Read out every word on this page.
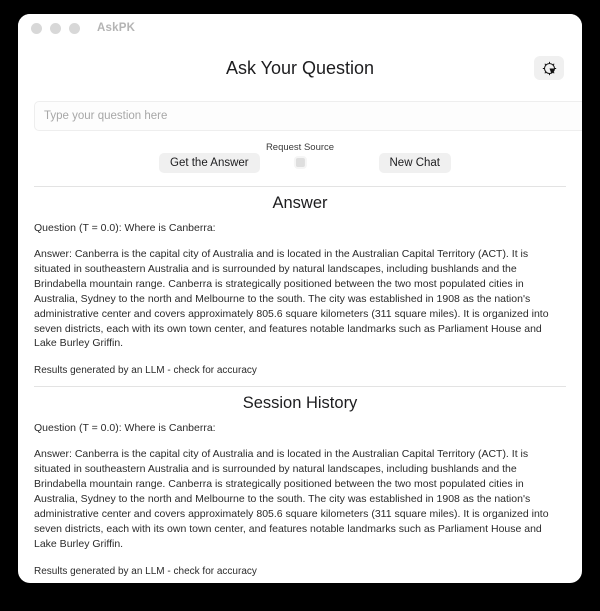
AskPK
Ask Your Question
Type your question here
Get the Answer
Request Source
New Chat
Answer

Question (T = 0.0): Where is Canberra:

Answer: Canberra is the capital city of Australia and is located in the Australian Capital Territory (ACT). It is situated in southeastern Australia and is surrounded by natural landscapes, including bushlands and the Brindabella mountain range. Canberra is strategically positioned between the two most populated cities in Australia, Sydney to the north and Melbourne to the south. The city was established in 1908 as the nation's administrative center and covers approximately 805.6 square kilometers (311 square miles). It is organized into seven districts, each with its own town center, and features notable landmarks such as Parliament House and Lake Burley Griffin.

Results generated by an LLM - check for accuracy

Session History

Question (T = 0.0): Where is Canberra:

Answer: Canberra is the capital city of Australia and is located in the Australian Capital Territory (ACT). It is situated in southeastern Australia and is surrounded by natural landscapes, including bushlands and the Brindabella mountain range. Canberra is strategically positioned between the two most populated cities in Australia, Sydney to the north and Melbourne to the south. The city was established in 1908 as the nation's administrative center and covers approximately 805.6 square kilometers (311 square miles). It is organized into seven districts, each with its own town center, and features notable landmarks such as Parliament House and Lake Burley Griffin.

Results generated by an LLM - check for accuracy
